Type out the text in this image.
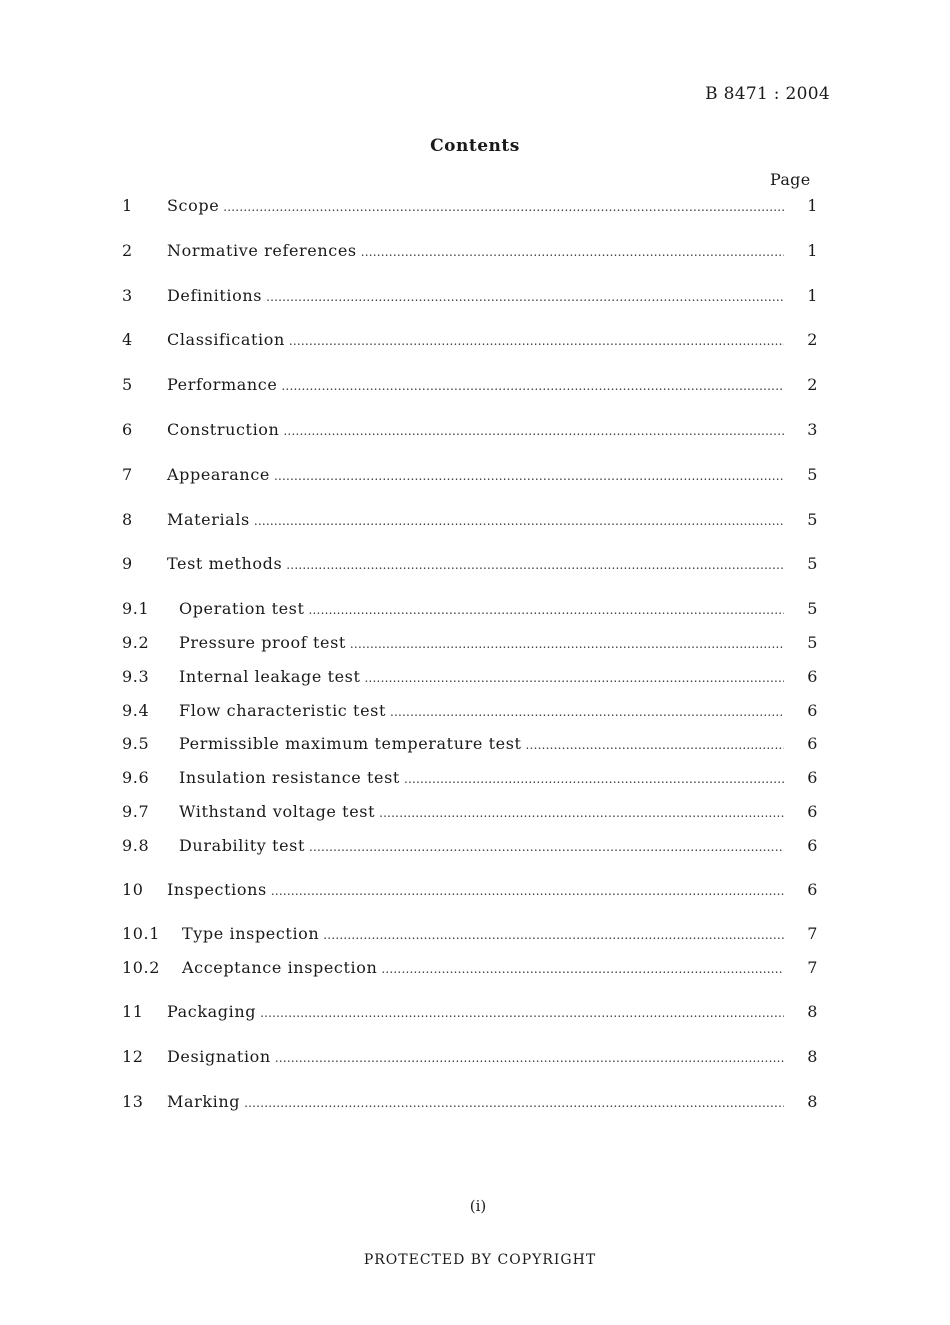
B 8471 : 2004
Contents
Page
1	Scope .....	1
2	Normative references .....	1
3	Definitions .....	1
4	Classification .....	2
5	Performance .....	2
6	Construction .....	3
7	Appearance .....	5
8	Materials .....	5
9	Test methods .....	5
9.1	Operation test .....	5
9.2	Pressure proof test .....	5
9.3	Internal leakage test .....	6
9.4	Flow characteristic test .....	6
9.5	Permissible maximum temperature test .....	6
9.6	Insulation resistance test .....	6
9.7	Withstand voltage test .....	6
9.8	Durability test .....	6
10	Inspections .....	6
10.1	Type inspection .....	7
10.2	Acceptance inspection .....	7
11	Packaging .....	8
12	Designation .....	8
13	Marking .....	8
(i)
PROTECTED BY COPYRIGHT
